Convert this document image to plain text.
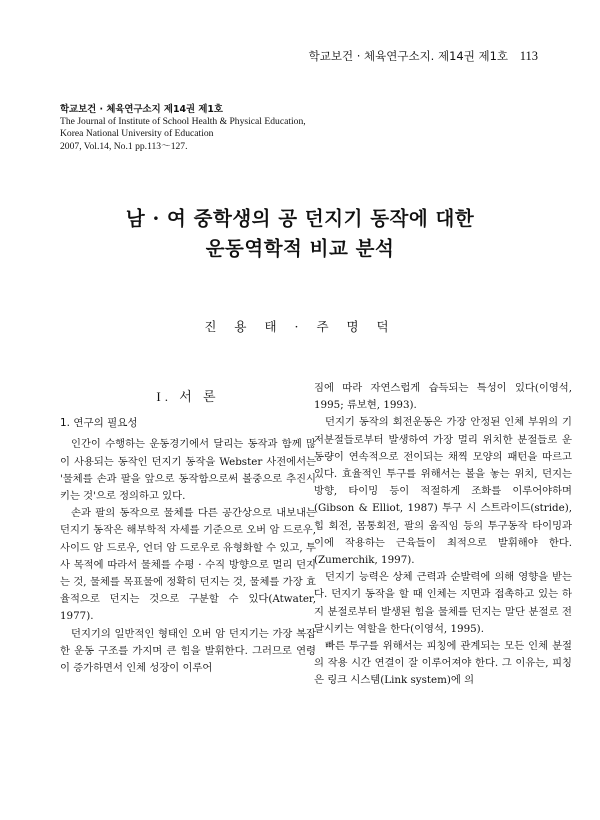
학교보건 · 체육연구소지. 제14권 제1호 113
학교보건 · 체육연구소지 제14권 제1호
The Journal of Institute of School Health & Physical Education,
Korea National University of Education
2007, Vol.14, No.1 pp.113～127.
남 · 여 중학생의 공 던지기 동작에 대한
운동역학적 비교 분석
진 용 태 · 주 명 덕
I. 서 론
1. 연구의 필요성

인간이 수행하는 운동경기에서 달리는 동작과 함께 많이 사용되는 동작인 던지기 동작을 Webster 사전에서는 '물체를 손과 팔을 앞으로 동작함으로써 볼중으로 추진시키는 것'으로 정의하고 있다.

손과 팔의 동작으로 물체를 다른 공간상으로 내보내는 던지기 동작은 해부학적 자세를 기준으로 오버 암 드로우, 사이드 암 드로우, 언더 암 드로우로 유형화할 수 있고, 투사 목적에 따라서 물체를 수평 · 수직 방향으로 멀리 던지는 것, 물체를 목표물에 정확히 던지는 것, 물체를 가장 효율적으로 던지는 것으로 구분할 수 있다(Atwater, 1977).

던지기의 일반적인 형태인 오버 암 던지기는 가장 복잡한 운동 구조를 가지며 큰 힘을 발휘한다. 그러므로 연령이 증가하면서 인체 성장이 이루어

짐에 따라 자연스럽게 습득되는 특성이 있다(이영석, 1995; 류보현, 1993).

던지기 동작의 회전운동은 가장 안정된 인체 부위의 기저분절들로부터 발생하여 가장 멀리 위치한 분절들로 운동량이 연속적으로 전이되는 채찍 모양의 패턴을 따르고 있다. 효율적인 투구를 위해서는 볼을 놓는 위치, 던지는 방향, 타이밍 등이 적절하게 조화를 이루어야하며(Gibson & Elliot, 1987) 투구 시 스트라이드(stride), 힙 회전, 몸통회전, 팔의 움직임 등의 투구동작 타이밍과 이에 작용하는 근육들이 최적으로 발휘해야 한다. (Zumerchik, 1997).

던지기 능력은 상체 근력과 순발력에 의해 영향을 받는다. 던지기 동작을 할 때 인체는 지면과 접촉하고 있는 하지 분절로부터 발생된 힘을 물체를 던지는 말단 분절로 전달시키는 역할을 한다(이영석, 1995).

빠른 투구를 위해서는 피칭에 관계되는 모든 인체 분절의 작용 시간 연결이 잘 이루어져야 한다. 그 이유는, 피칭은 링크 시스템(Link system)에 의
